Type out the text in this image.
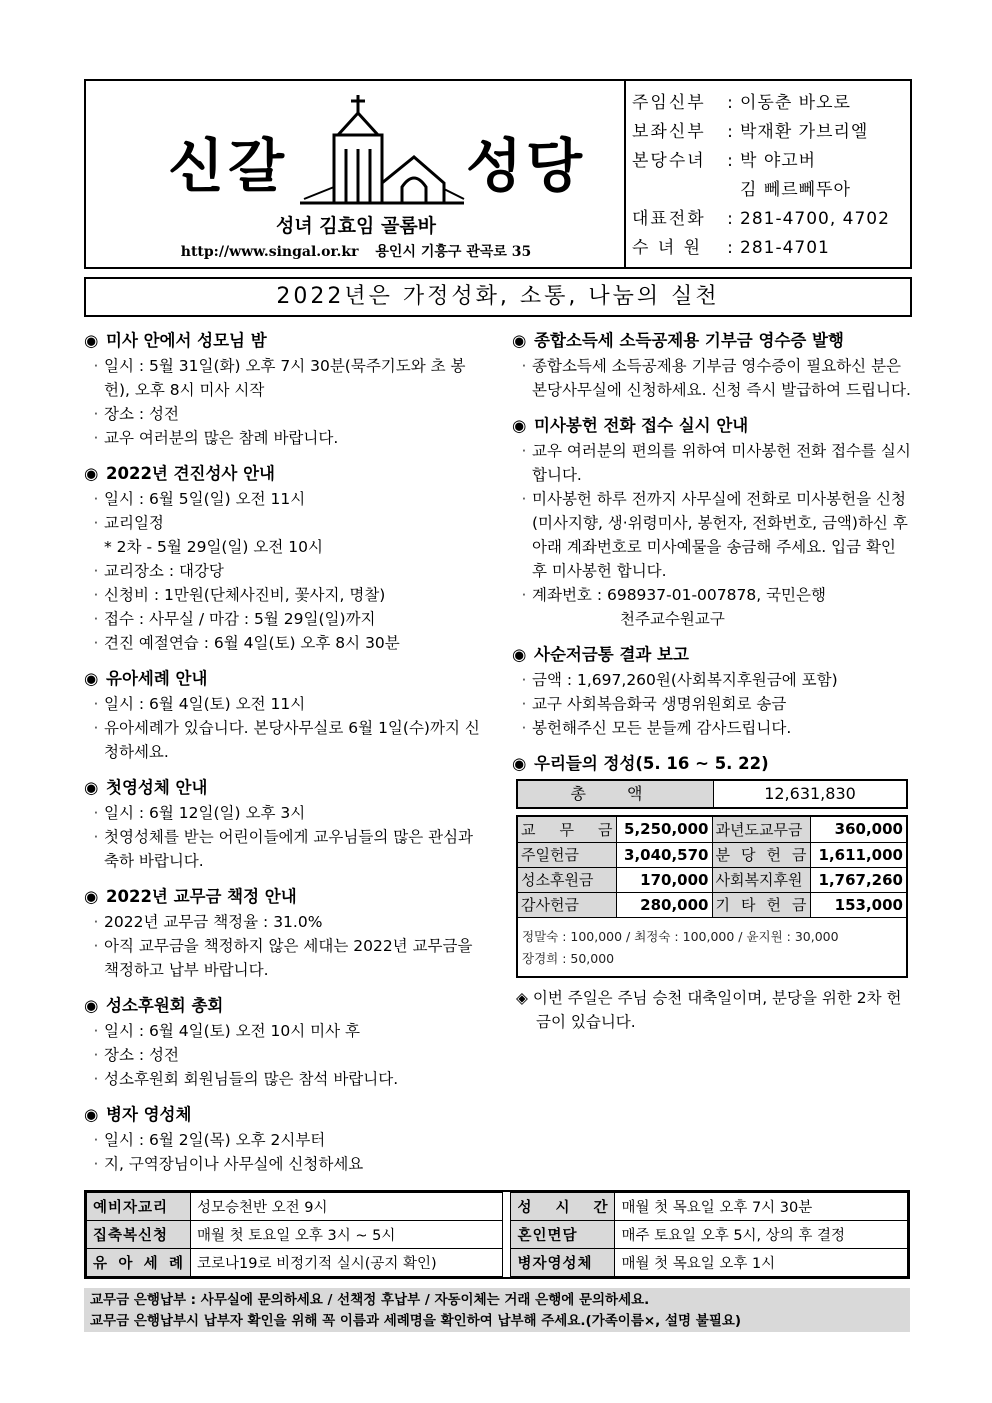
신갈	성당
성녀 김효임 골롬바
http://www.singal.or.kr 용인시 기흥구 관곡로 35
주임신부	: 이동춘 바오로
보좌신부	: 박재환 가브리엘
본당수녀	: 박 야고버
김 뻬르뻬뚜아
대표전화	: 281-4700, 4702
수 녀 원	: 281-4701
2022년은 가정성화, 소통, 나눔의 실천
◉ 미사 안에서 성모님 밤
· 일시 : 5월 31일(화) 오후 7시 30분(묵주기도와 초 봉헌), 오후 8시 미사 시작
· 장소 : 성전
· 교우 여러분의 많은 참례 바랍니다.
◉ 2022년 견진성사 안내
· 일시 : 6월 5일(일) 오전 11시
· 교리일정
* 2차 - 5월 29일(일) 오전 10시
· 교리장소 : 대강당
· 신청비 : 1만원(단체사진비, 꽃사지, 명찰)
· 접수 : 사무실 / 마감 : 5월 29일(일)까지
· 견진 예절연습 : 6월 4일(토) 오후 8시 30분
◉ 유아세례 안내
· 일시 : 6월 4일(토) 오전 11시
· 유아세례가 있습니다. 본당사무실로 6월 1일(수)까지 신청하세요.
◉ 첫영성체 안내
· 일시 : 6월 12일(일) 오후 3시
· 첫영성체를 받는 어린이들에게 교우님들의 많은 관심과 축하 바랍니다.
◉ 2022년 교무금 책정 안내
· 2022년 교무금 책정율 : 31.0%
· 아직 교무금을 책정하지 않은 세대는 2022년 교무금을 책정하고 납부 바랍니다.
◉ 성소후원회 총회
· 일시 : 6월 4일(토) 오전 10시 미사 후
· 장소 : 성전
· 성소후원회 회원님들의 많은 참석 바랍니다.
◉ 병자 영성체
· 일시 : 6월 2일(목) 오후 2시부터
· 지, 구역장님이나 사무실에 신청하세요
◉ 종합소득세 소득공제용 기부금 영수증 발행
· 종합소득세 소득공제용 기부금 영수증이 필요하신 분은 본당사무실에 신청하세요. 신청 즉시 발급하여 드립니다.
◉ 미사봉헌 전화 접수 실시 안내
· 교우 여러분의 편의를 위하여 미사봉헌 전화 접수를 실시합니다.
· 미사봉헌 하루 전까지 사무실에 전화로 미사봉헌을 신청(미사지향, 생·위령미사, 봉헌자, 전화번호, 금액)하신 후 아래 계좌번호로 미사예물을 송금해 주세요. 입금 확인 후 미사봉헌 합니다.
· 계좌번호 : 698937-01-007878, 국민은행
천주교수원교구
◉ 사순저금통 결과 보고
· 금액 : 1,697,260원(사회복지후원금에 포함)
· 교구 사회복음화국 생명위원회로 송금
· 봉헌해주신 모든 분들께 감사드립니다.
◉ 우리들의 정성(5. 16 ~ 5. 22)
총 액	12,631,830
교 무 금	5,250,000	과년도교무금	360,000
주일헌금	3,040,570	분 당 헌 금	1,611,000
성소후원금	170,000	사회복지후원	1,767,260
감사헌금	280,000	기 타 헌 금	153,000
정말숙 : 100,000 / 최정숙 : 100,000 / 윤지원 : 30,000
장경희 : 50,000
◈ 이번 주일은 주님 승천 대축일이며, 분당을 위한 2차 헌금이 있습니다.
예비자교리	성모승천반 오전 9시		성 시 간	매월 첫 목요일 오후 7시 30분
집축복신청	매월 첫 토요일 오후 3시 ~ 5시		혼인면담	매주 토요일 오후 5시, 상의 후 결정
유 아 세 례	코로나19로 비정기적 실시(공지 확인)		병자영성체	매월 첫 목요일 오후 1시
교무금 은행납부 : 사무실에 문의하세요 / 선책정 후납부 / 자동이체는 거래 은행에 문의하세요.
교무금 은행납부시 납부자 확인을 위해 꼭 이름과 세례명을 확인하여 납부해 주세요.(가족이름×, 설명 불필요)
